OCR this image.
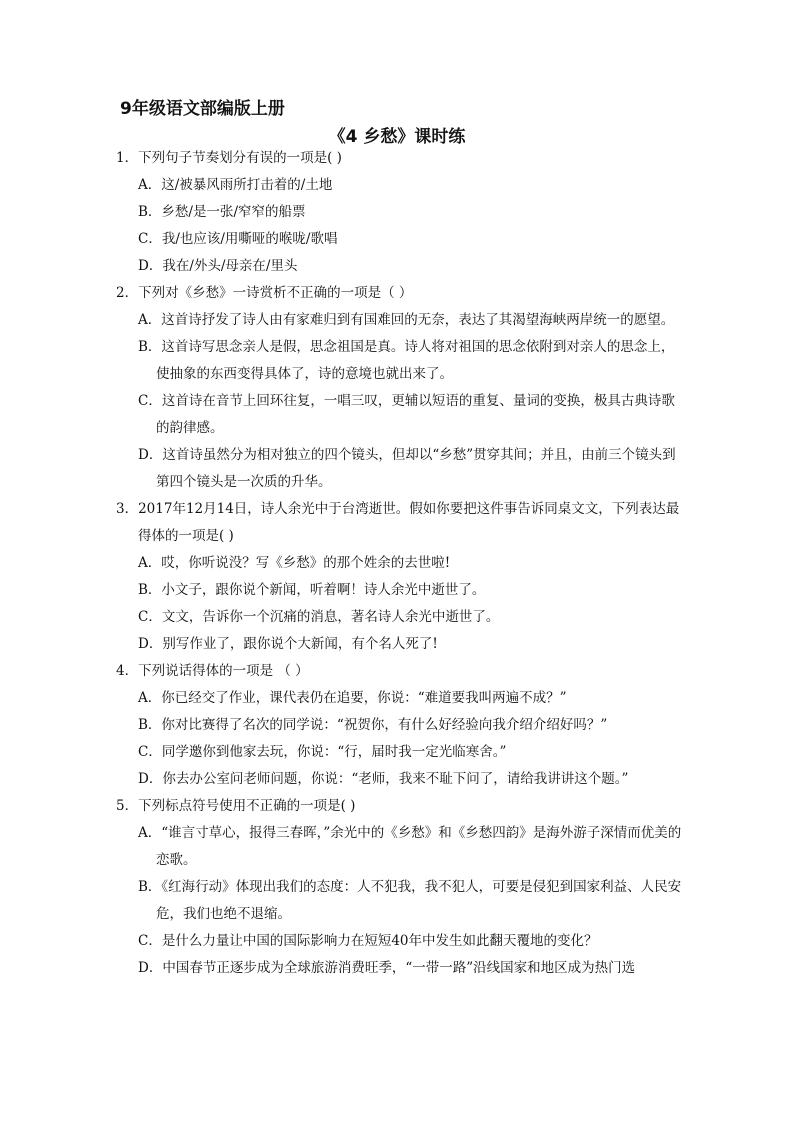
9年级语文部编版上册
《4 乡愁》课时练
1．下列句子节奏划分有误的一项是( )
A．这/被暴风雨所打击着的/土地
B．乡愁/是一张/窄窄的船票
C．我/也应该/用嘶哑的喉咙/歌唱
D．我在/外头/母亲在/里头
2．下列对《乡愁》一诗赏析不正确的一项是（ ）
A．这首诗抒发了诗人由有家难归到有国难回的无奈，表达了其渴望海峡两岸统一的愿望。
B．这首诗写思念亲人是假，思念祖国是真。诗人将对祖国的思念依附到对亲人的思念上，使抽象的东西变得具体了，诗的意境也就出来了。
C．这首诗在音节上回环往复，一唱三叹，更辅以短语的重复、量词的变换，极具古典诗歌的韵律感。
D．这首诗虽然分为相对独立的四个镜头，但却以“乡愁”贯穿其间；并且，由前三个镜头到第四个镜头是一次质的升华。
3．2017年12月14日，诗人余光中于台湾逝世。假如你要把这件事告诉同桌文文，下列表达最得体的一项是( )
A．哎，你听说没？写《乡愁》的那个姓余的去世啦!
B．小文子，跟你说个新闻，听着啊！诗人余光中逝世了。
C．文文，告诉你一个沉痛的消息，著名诗人余光中逝世了。
D．别写作业了，跟你说个大新闻，有个名人死了!
4．下列说话得体的一项是 （ ）
A．你已经交了作业，课代表仍在追要，你说：“难道要我叫两遍不成？”
B．你对比赛得了名次的同学说：“祝贺你，有什么好经验向我介绍介绍好吗？”
C．同学邀你到他家去玩，你说：“行，届时我一定光临寒舍。”
D．你去办公室问老师问题，你说：“老师，我来不耻下问了，请给我讲讲这个题。”
5．下列标点符号使用不正确的一项是( )
A．“谁言寸草心，报得三春晖，”余光中的《乡愁》和《乡愁四韵》是海外游子深情而优美的恋歌。
B．《红海行动》体现出我们的态度：人不犯我，我不犯人，可要是侵犯到国家利益、人民安危，我们也绝不退缩。
C．是什么力量让中国的国际影响力在短短40年中发生如此翻天覆地的变化？
D．中国春节正逐步成为全球旅游消费旺季，“一带一路”沿线国家和地区成为热门选
